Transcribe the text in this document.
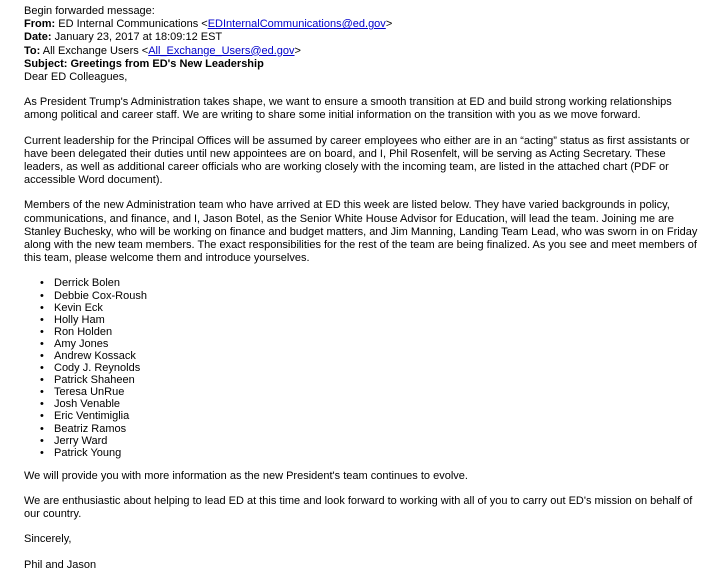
Begin forwarded message:
From: ED Internal Communications <EDInternalCommunications@ed.gov>
Date: January 23, 2017 at 18:09:12 EST
To: All Exchange Users <All_Exchange_Users@ed.gov>
Subject: Greetings from ED's New Leadership
Dear ED Colleagues,

As President Trump's Administration takes shape, we want to ensure a smooth transition at ED and build strong working relationships among political and career staff. We are writing to share some initial information on the transition with you as we move forward.

Current leadership for the Principal Offices will be assumed by career employees who either are in an “acting” status as first assistants or have been delegated their duties until new appointees are on board, and I, Phil Rosenfelt, will be serving as Acting Secretary. These leaders, as well as additional career officials who are working closely with the incoming team, are listed in the attached chart (PDF or accessible Word document).

Members of the new Administration team who have arrived at ED this week are listed below. They have varied backgrounds in policy, communications, and finance, and I, Jason Botel, as the Senior White House Advisor for Education, will lead the team. Joining me are Stanley Buchesky, who will be working on finance and budget matters, and Jim Manning, Landing Team Lead, who was sworn in on Friday along with the new team members. The exact responsibilities for the rest of the team are being finalized. As you see and meet members of this team, please welcome them and introduce yourselves.

• Derrick Bolen
• Debbie Cox-Roush
• Kevin Eck
• Holly Ham
• Ron Holden
• Amy Jones
• Andrew Kossack
• Cody J. Reynolds
• Patrick Shaheen
• Teresa UnRue
• Josh Venable
• Eric Ventimiglia
• Beatriz Ramos
• Jerry Ward
• Patrick Young

We will provide you with more information as the new President's team continues to evolve.

We are enthusiastic about helping to lead ED at this time and look forward to working with all of you to carry out ED's mission on behalf of our country.

Sincerely,

Phil and Jason
